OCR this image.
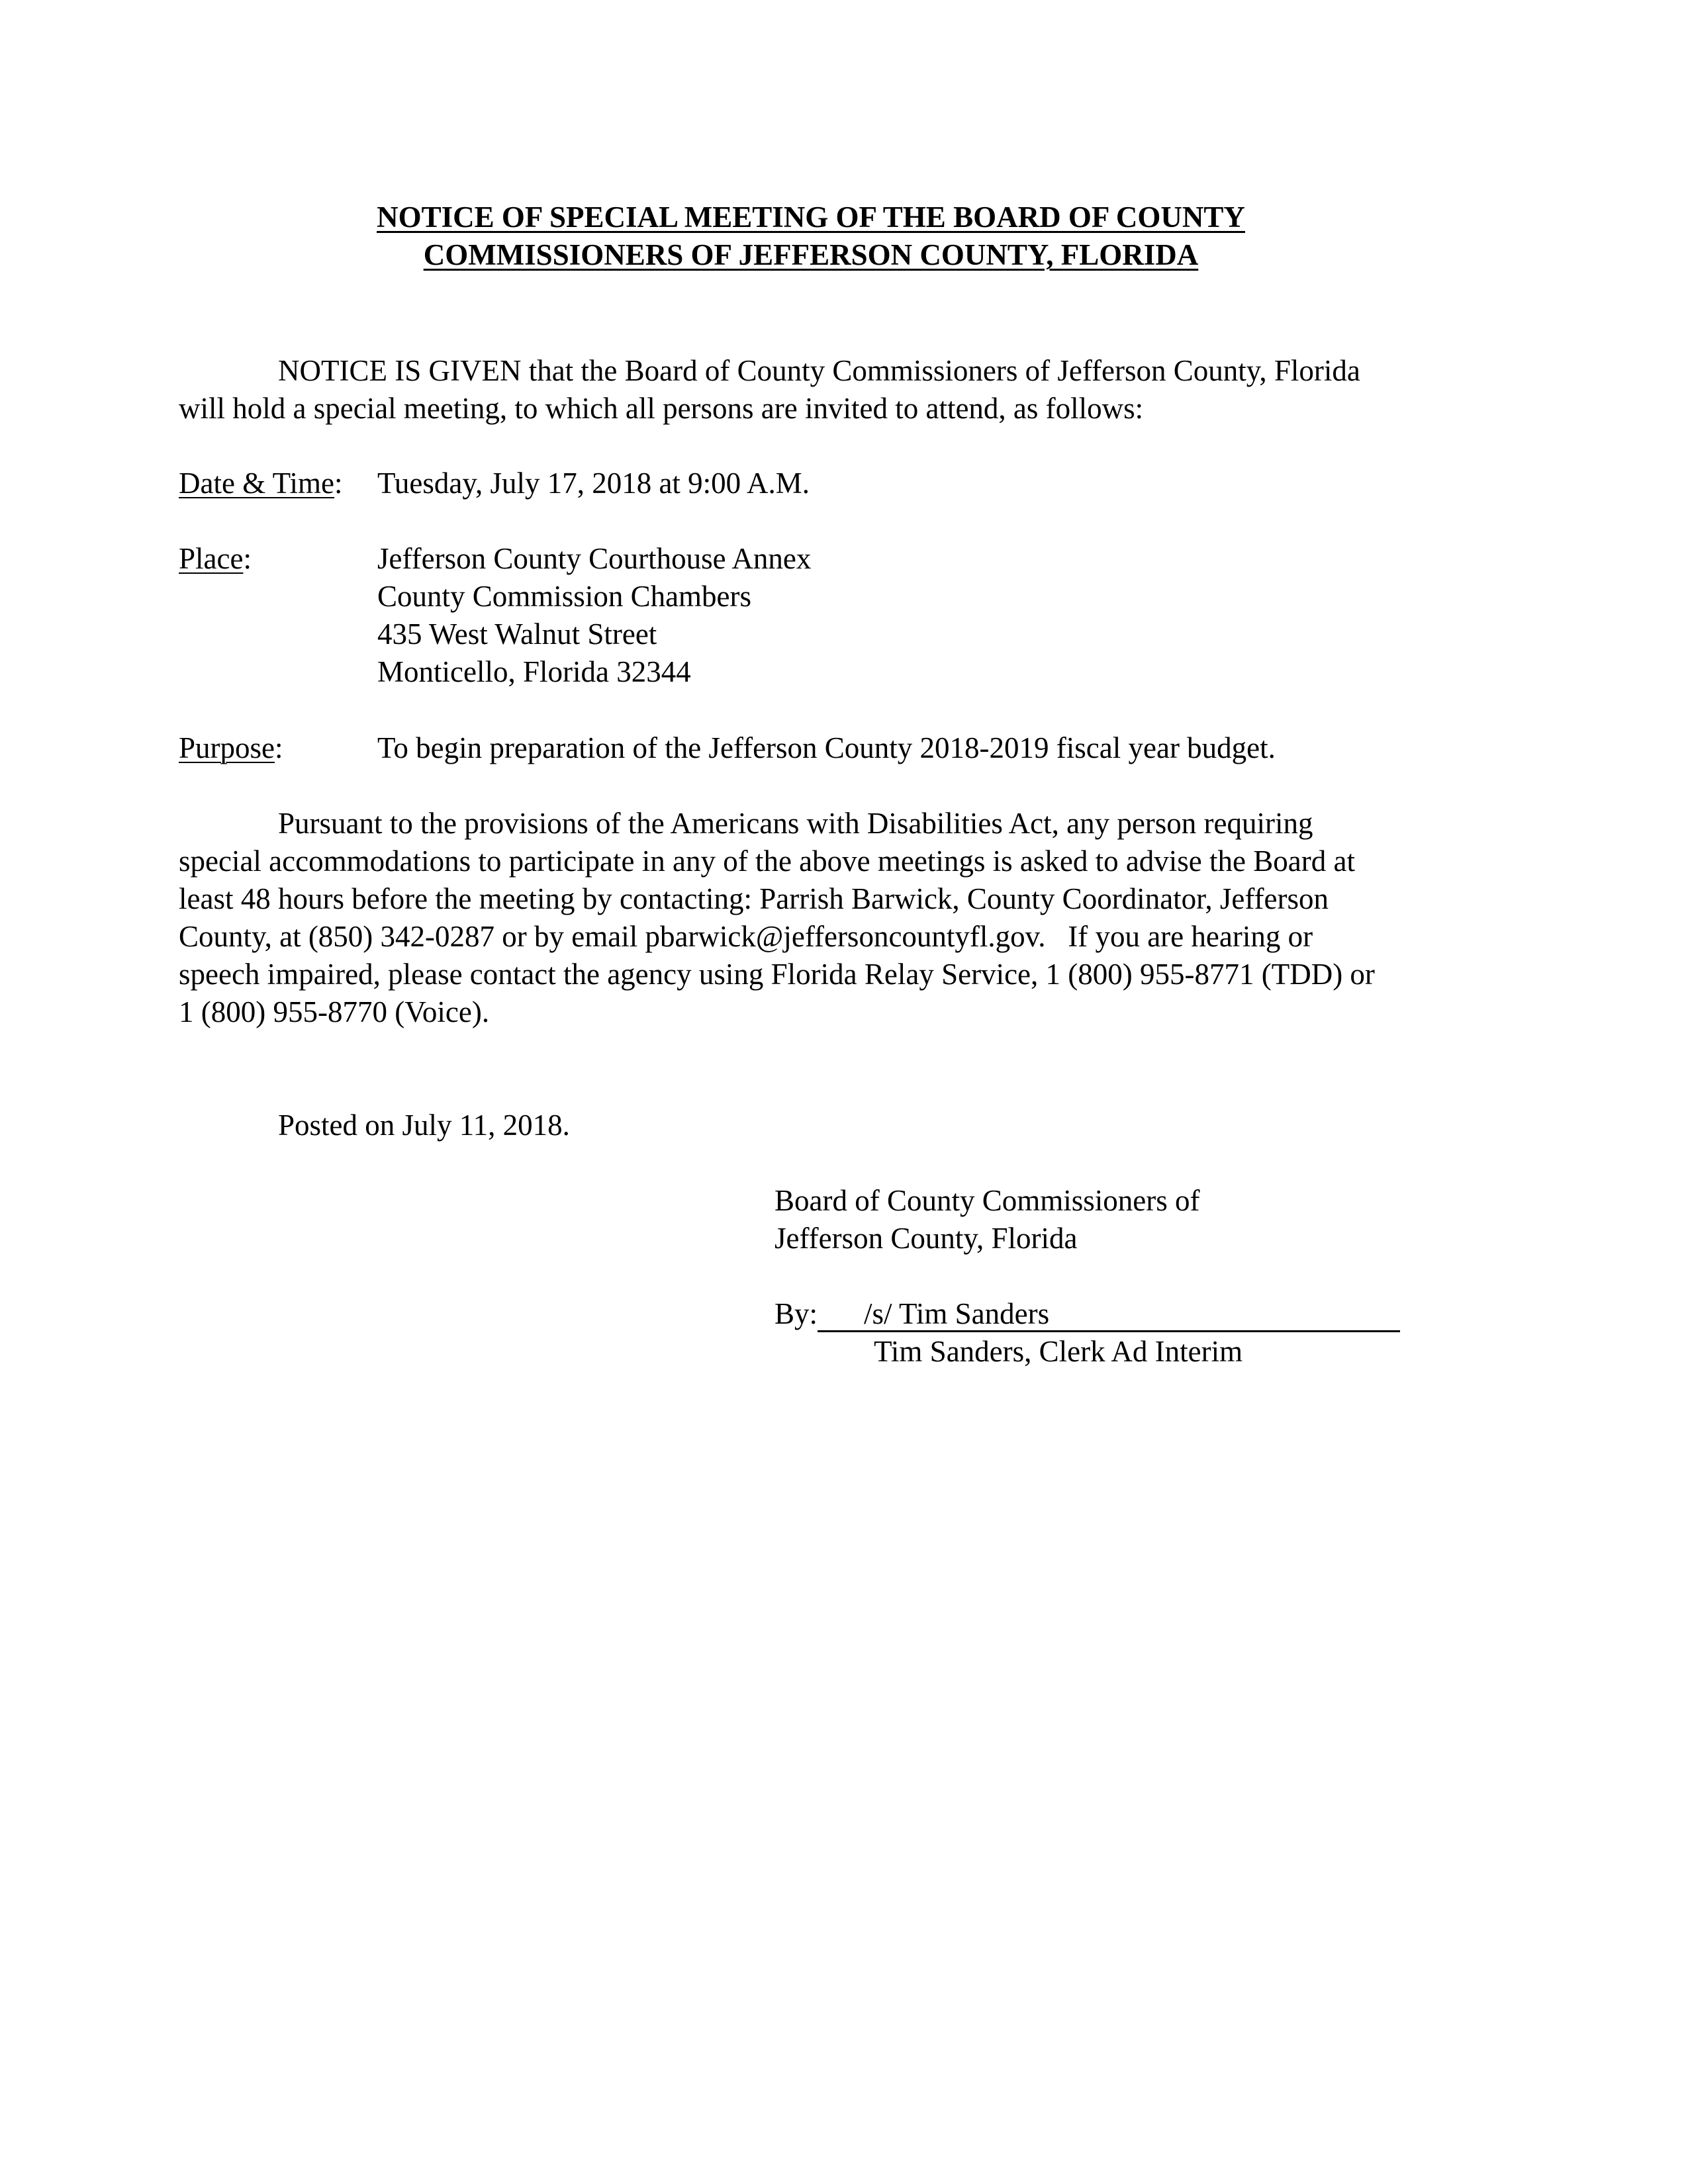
NOTICE OF SPECIAL MEETING OF THE BOARD OF COUNTY
COMMISSIONERS OF JEFFERSON COUNTY, FLORIDA
NOTICE IS GIVEN that the Board of County Commissioners of Jefferson County, Florida
will hold a special meeting, to which all persons are invited to attend, as follows:
Date & Time: Tuesday, July 17, 2018 at 9:00 A.M.
Place:	Jefferson County Courthouse Annex
County Commission Chambers
435 West Walnut Street
Monticello, Florida 32344
Purpose:	To begin preparation of the Jefferson County 2018-2019 fiscal year budget.
Pursuant to the provisions of the Americans with Disabilities Act, any person requiring
special accommodations to participate in any of the above meetings is asked to advise the Board at
least 48 hours before the meeting by contacting: Parrish Barwick, County Coordinator, Jefferson
County, at (850) 342-0287 or by email pbarwick@jeffersoncountyfl.gov.   If you are hearing or
speech impaired, please contact the agency using Florida Relay Service, 1 (800) 955-8771 (TDD) or
1 (800) 955-8770 (Voice).
Posted on July 11, 2018.
Board of County Commissioners of
Jefferson County, Florida
By: /s/ Tim Sanders
Tim Sanders, Clerk Ad Interim
